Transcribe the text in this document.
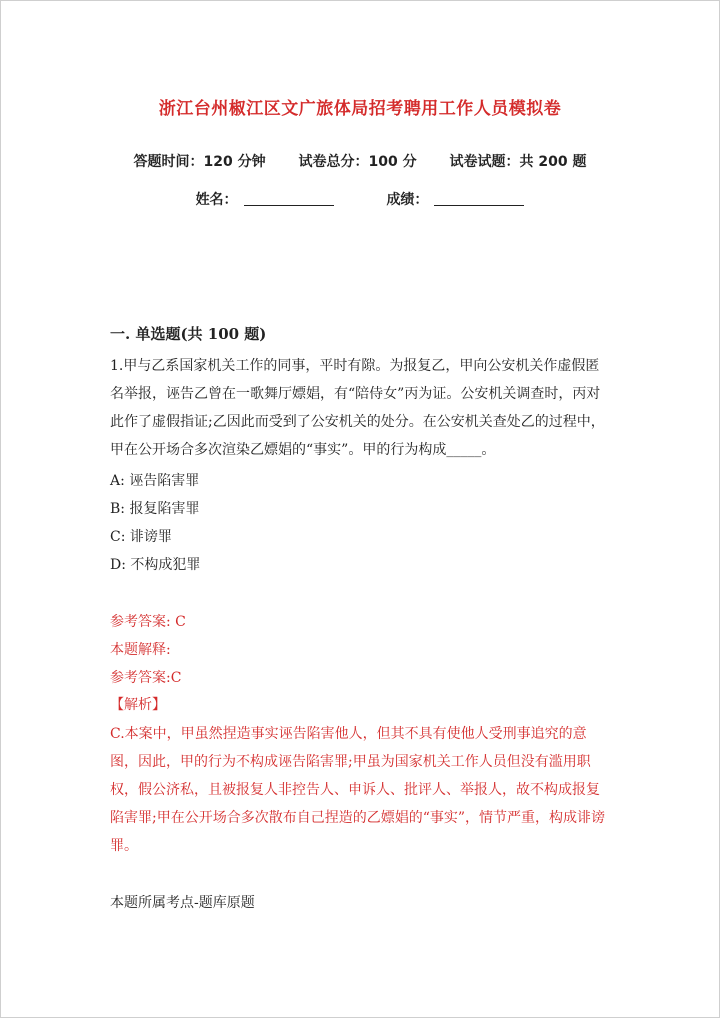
浙江台州椒江区文广旅体局招考聘用工作人员模拟卷
答题时间：120 分钟 试卷总分：100 分 试卷试题：共 200 题
姓名：	成绩：
一. 单选题(共 100 题)
1.甲与乙系国家机关工作的同事，平时有隙。为报复乙，甲向公安机关作虚假匿名举报，诬告乙曾在一歌舞厅嫖娼，有“陪侍女”丙为证。公安机关调查时，丙对此作了虚假指证;乙因此而受到了公安机关的处分。在公安机关查处乙的过程中，甲在公开场合多次渲染乙嫖娼的“事实”。甲的行为构成_____。
A: 诬告陷害罪
B: 报复陷害罪
C: 诽谤罪
D: 不构成犯罪
参考答案: C
本题解释:
参考答案:C
【解析】
C.本案中，甲虽然捏造事实诬告陷害他人，但其不具有使他人受刑事追究的意图，因此，甲的行为不构成诬告陷害罪;甲虽为国家机关工作人员但没有滥用职权，假公济私，且被报复人非控告人、申诉人、批评人、举报人，故不构成报复陷害罪;甲在公开场合多次散布自己捏造的乙嫖娼的“事实”，情节严重，构成诽谤罪。
本题所属考点-题库原题
